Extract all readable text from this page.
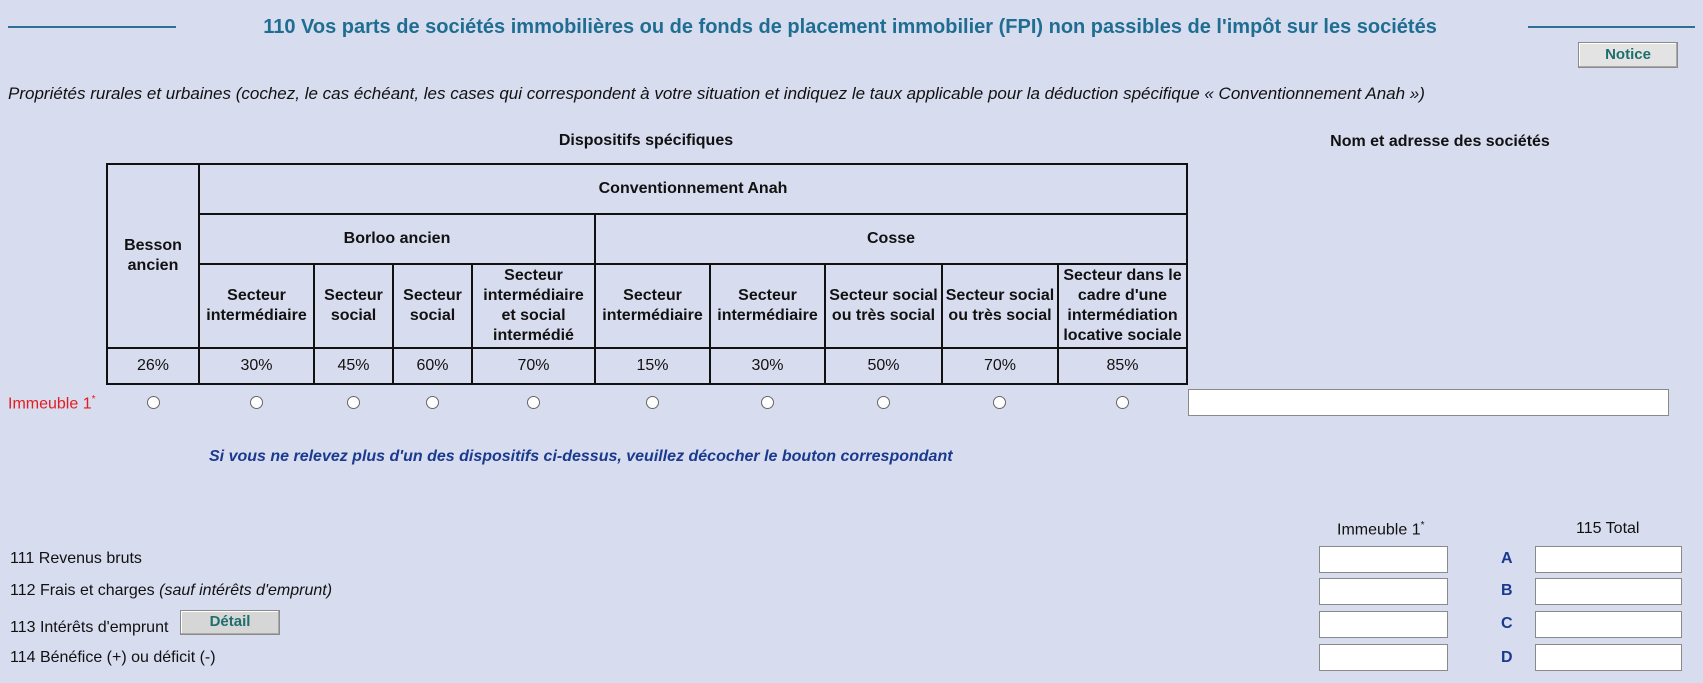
110 Vos parts de sociétés immobilières ou de fonds de placement immobilier (FPI) non passibles de l'impôt sur les sociétés
Notice
Propriétés rurales et urbaines (cochez, le cas échéant, les cases qui correspondent à votre situation et indiquez le taux applicable pour la déduction spécifique « Conventionnement Anah »)
Dispositifs spécifiques	Nom et adresse des sociétés
Besson ancien	Conventionnement Anah								
	Borloo ancien				Cosse				
	Secteur intermédiaire	Secteur social	Secteur social	Secteur intermédiaire et social intermédié	Secteur intermédiaire	Secteur intermédiaire	Secteur social ou très social	Secteur social ou très social	Secteur dans le cadre d'une intermédiation locative sociale
26%	30%	45%	60%	70%	15%	30%	50%	70%	85%
Immeuble 1*
Si vous ne relevez plus d'un des dispositifs ci-dessus, veuillez décocher le bouton correspondant
Immeuble 1*	115 Total
111 Revenus bruts	A
112 Frais et charges (sauf intérêts d'emprunt)	B
113 Intérêts d'emprunt	Détail	C
114 Bénéfice (+) ou déficit (-)	D
